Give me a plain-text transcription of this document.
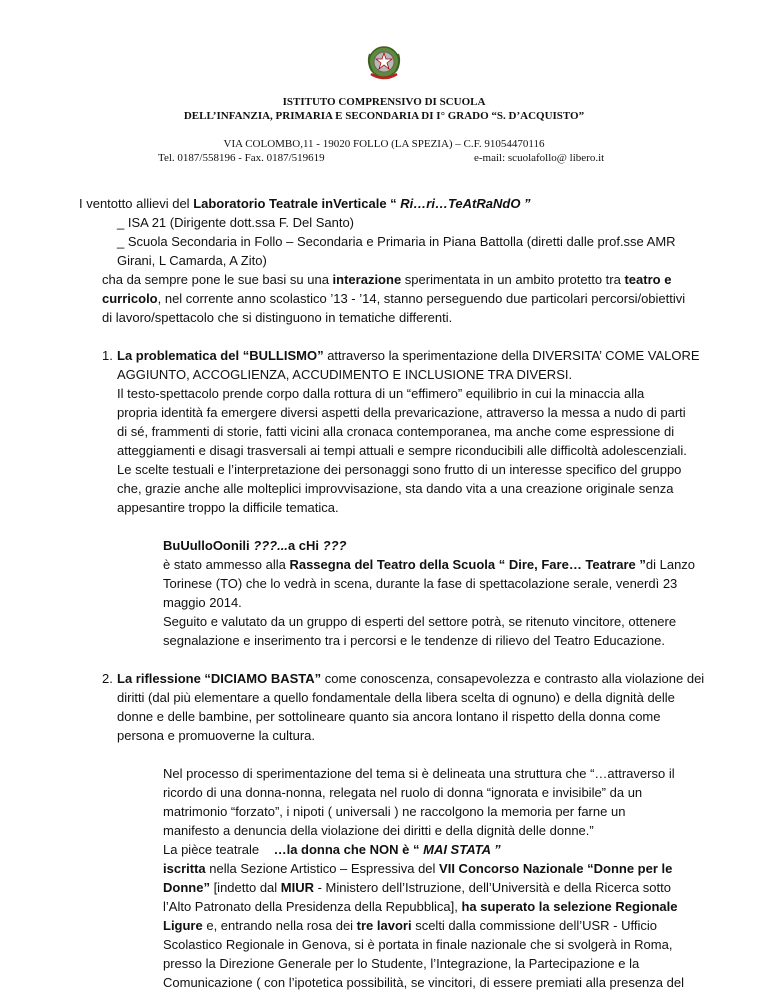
ISTITUTO COMPRENSIVO DI SCUOLA
DELL’INFANZIA, PRIMARIA E SECONDARIA DI I° GRADO “S. D’ACQUISTO”
VIA COLOMBO,11 - 19020 FOLLO (LA SPEZIA) – C.F. 91054470116
Tel. 0187/558196 - Fax. 0187/519619	e-mail: scuolafollo@ libero.it

I ventotto allievi del Laboratorio Teatrale inVerticale “ Ri…ri…TeAtRaNdO ”

_ ISA 21 (Dirigente dott.ssa F. Del Santo)

_ Scuola Secondaria in Follo – Secondaria e Primaria in Piana Battolla (diretti dalle prof.sse AMR

Girani, L Camarda, A Zito)

cha da sempre pone le sue basi su una interazione sperimentata in un ambito protetto tra teatro e

curricolo, nel corrente anno scolastico ’13 - ’14, stanno perseguendo due particolari percorsi/obiettivi

di lavoro/spettacolo che si distinguono in tematiche differenti.

1. La problematica del “BULLISMO” attraverso la sperimentazione della DIVERSITA’ COME VALORE

AGGIUNTO, ACCOGLIENZA, ACCUDIMENTO E INCLUSIONE TRA DIVERSI.

Il testo-spettacolo prende corpo dalla rottura di un “effimero” equilibrio in cui la minaccia alla

propria identità fa emergere diversi aspetti della prevaricazione, attraverso la messa a nudo di parti

di sé, frammenti di storie, fatti vicini alla cronaca contemporanea, ma anche come espressione di

atteggiamenti e disagi trasversali ai tempi attuali e sempre riconducibili alle difficoltà adolescenziali.

Le scelte testuali e l’interpretazione dei personaggi sono frutto di un interesse specifico del gruppo

che, grazie anche alle molteplici improvvisazione, sta dando vita a una creazione originale senza

appesantire troppo la difficile tematica.

BuUulloOonili ???...a cHi ???

è stato ammesso alla Rassegna del Teatro della Scuola “ Dire, Fare… Teatrare ”di Lanzo

Torinese (TO) che lo vedrà in scena, durante la fase di spettacolazione serale, venerdì 23

maggio 2014.

Seguito e valutato da un gruppo di esperti del settore potrà, se ritenuto vincitore, ottenere

segnalazione e inserimento tra i percorsi e le tendenze di rilievo del Teatro Educazione.

2. La riflessione “DICIAMO BASTA” come conoscenza, consapevolezza e contrasto alla violazione dei

diritti (dal più elementare a quello fondamentale della libera scelta di ognuno) e della dignità delle

donne e delle bambine, per sottolineare quanto sia ancora lontano il rispetto della donna come

persona e promuoverne la cultura.

Nel processo di sperimentazione del tema si è delineata una struttura che “…attraverso il

ricordo di una donna-nonna, relegata nel ruolo di donna “ignorata e invisibile” da un

matrimonio “forzato”, i nipoti ( universali ) ne raccolgono la memoria per farne un

manifesto a denuncia della violazione dei diritti e della dignità delle donne.”

La pièce teatrale    …la donna che NON è “ MAI STATA ”

iscritta nella Sezione Artistico – Espressiva del VII Concorso Nazionale “Donne per le

Donne” [indetto dal MIUR - Ministero dell’Istruzione, dell’Università e della Ricerca sotto

l’Alto Patronato della Presidenza della Repubblica], ha superato la selezione Regionale

Ligure e, entrando nella rosa dei tre lavori scelti dalla commissione dell’USR - Ufficio

Scolastico Regionale in Genova, si è portata in finale nazionale che si svolgerà in Roma,

presso la Direzione Generale per lo Studente, l’Integrazione, la Partecipazione e la

Comunicazione ( con l’ipotetica possibilità, se vincitori, di essere premiati alla presenza del
